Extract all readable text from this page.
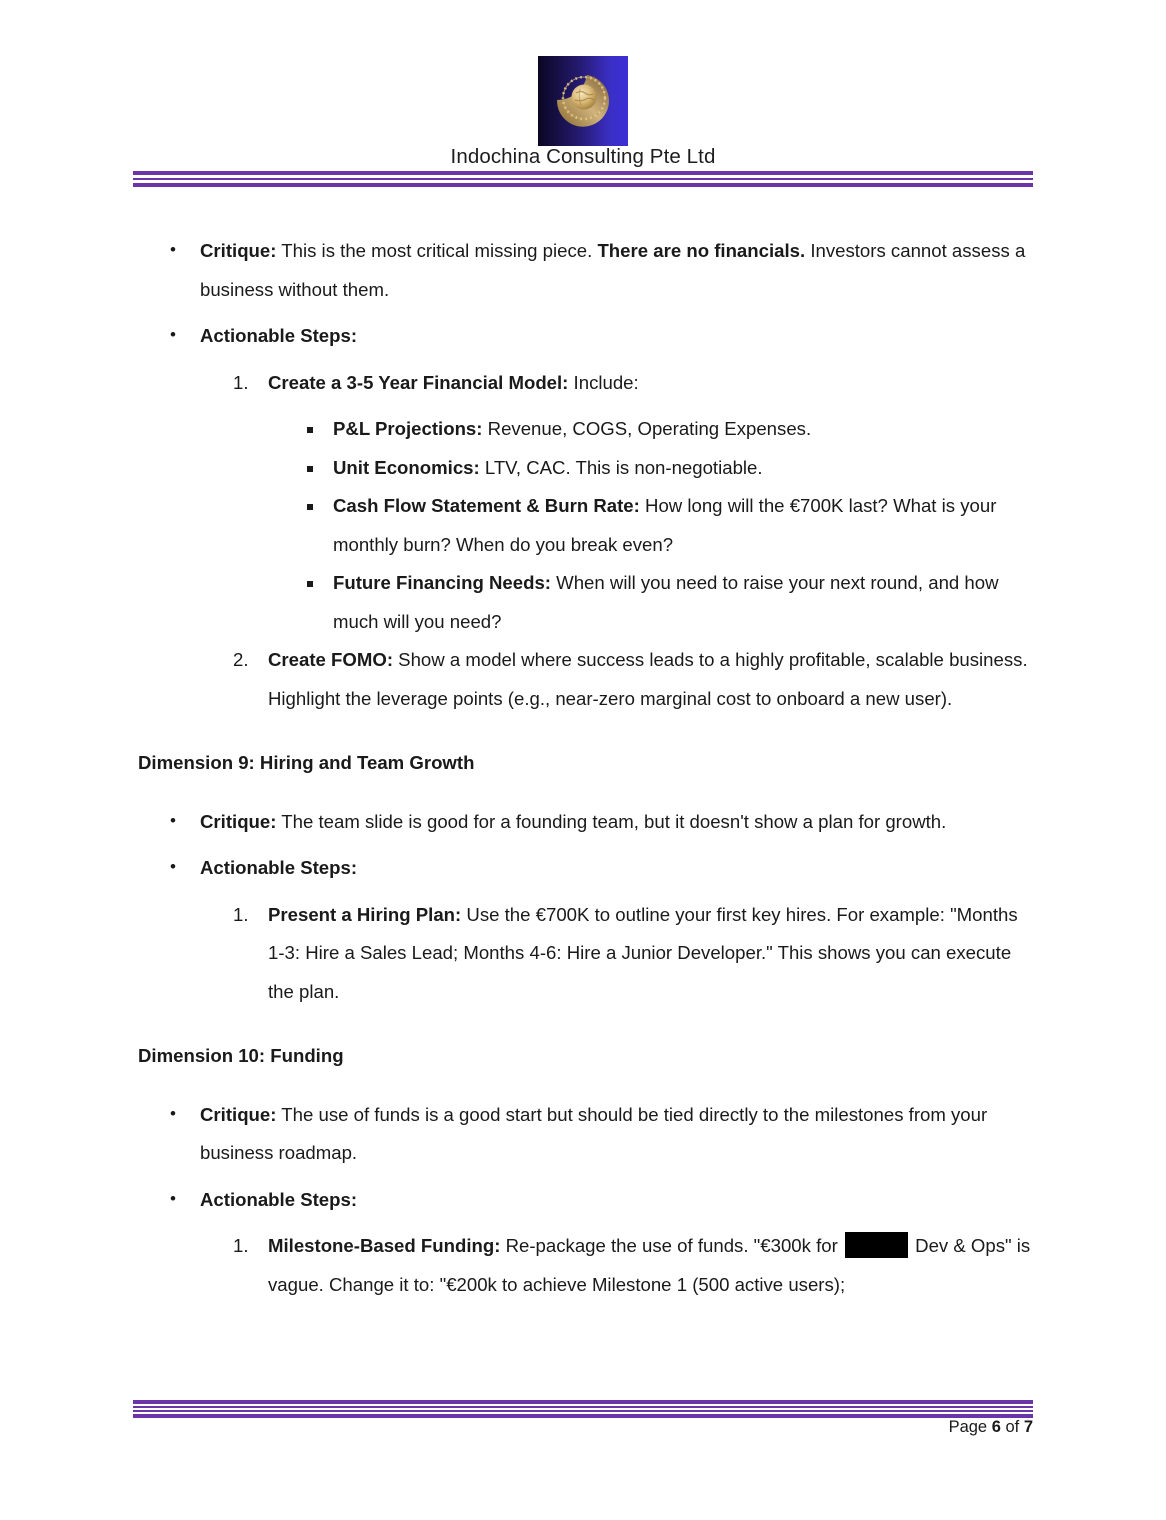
Indochina Consulting Pte Ltd
• Critique: This is the most critical missing piece. There are no financials. Investors cannot assess a business without them.
• Actionable Steps:
1.	Create a 3-5 Year Financial Model: Include:
P&L Projections: Revenue, COGS, Operating Expenses.
Unit Economics: LTV, CAC. This is non-negotiable.
Cash Flow Statement & Burn Rate: How long will the €700K last? What is your monthly burn? When do you break even?
Future Financing Needs: When will you need to raise your next round, and how much will you need?
2.	Create FOMO: Show a model where success leads to a highly profitable, scalable business. Highlight the leverage points (e.g., near-zero marginal cost to onboard a new user).
Dimension 9: Hiring and Team Growth
• Critique: The team slide is good for a founding team, but it doesn't show a plan for growth.
• Actionable Steps:
1.	Present a Hiring Plan: Use the €700K to outline your first key hires. For example: "Months 1-3: Hire a Sales Lead; Months 4-6: Hire a Junior Developer." This shows you can execute the plan.
Dimension 10: Funding
• Critique: The use of funds is a good start but should be tied directly to the milestones from your business roadmap.
• Actionable Steps:
1.	Milestone-Based Funding: Re-package the use of funds. "€300k for	Dev & Ops" is vague. Change it to: "€200k to achieve Milestone 1 (500 active users);
Page 6 of 7
